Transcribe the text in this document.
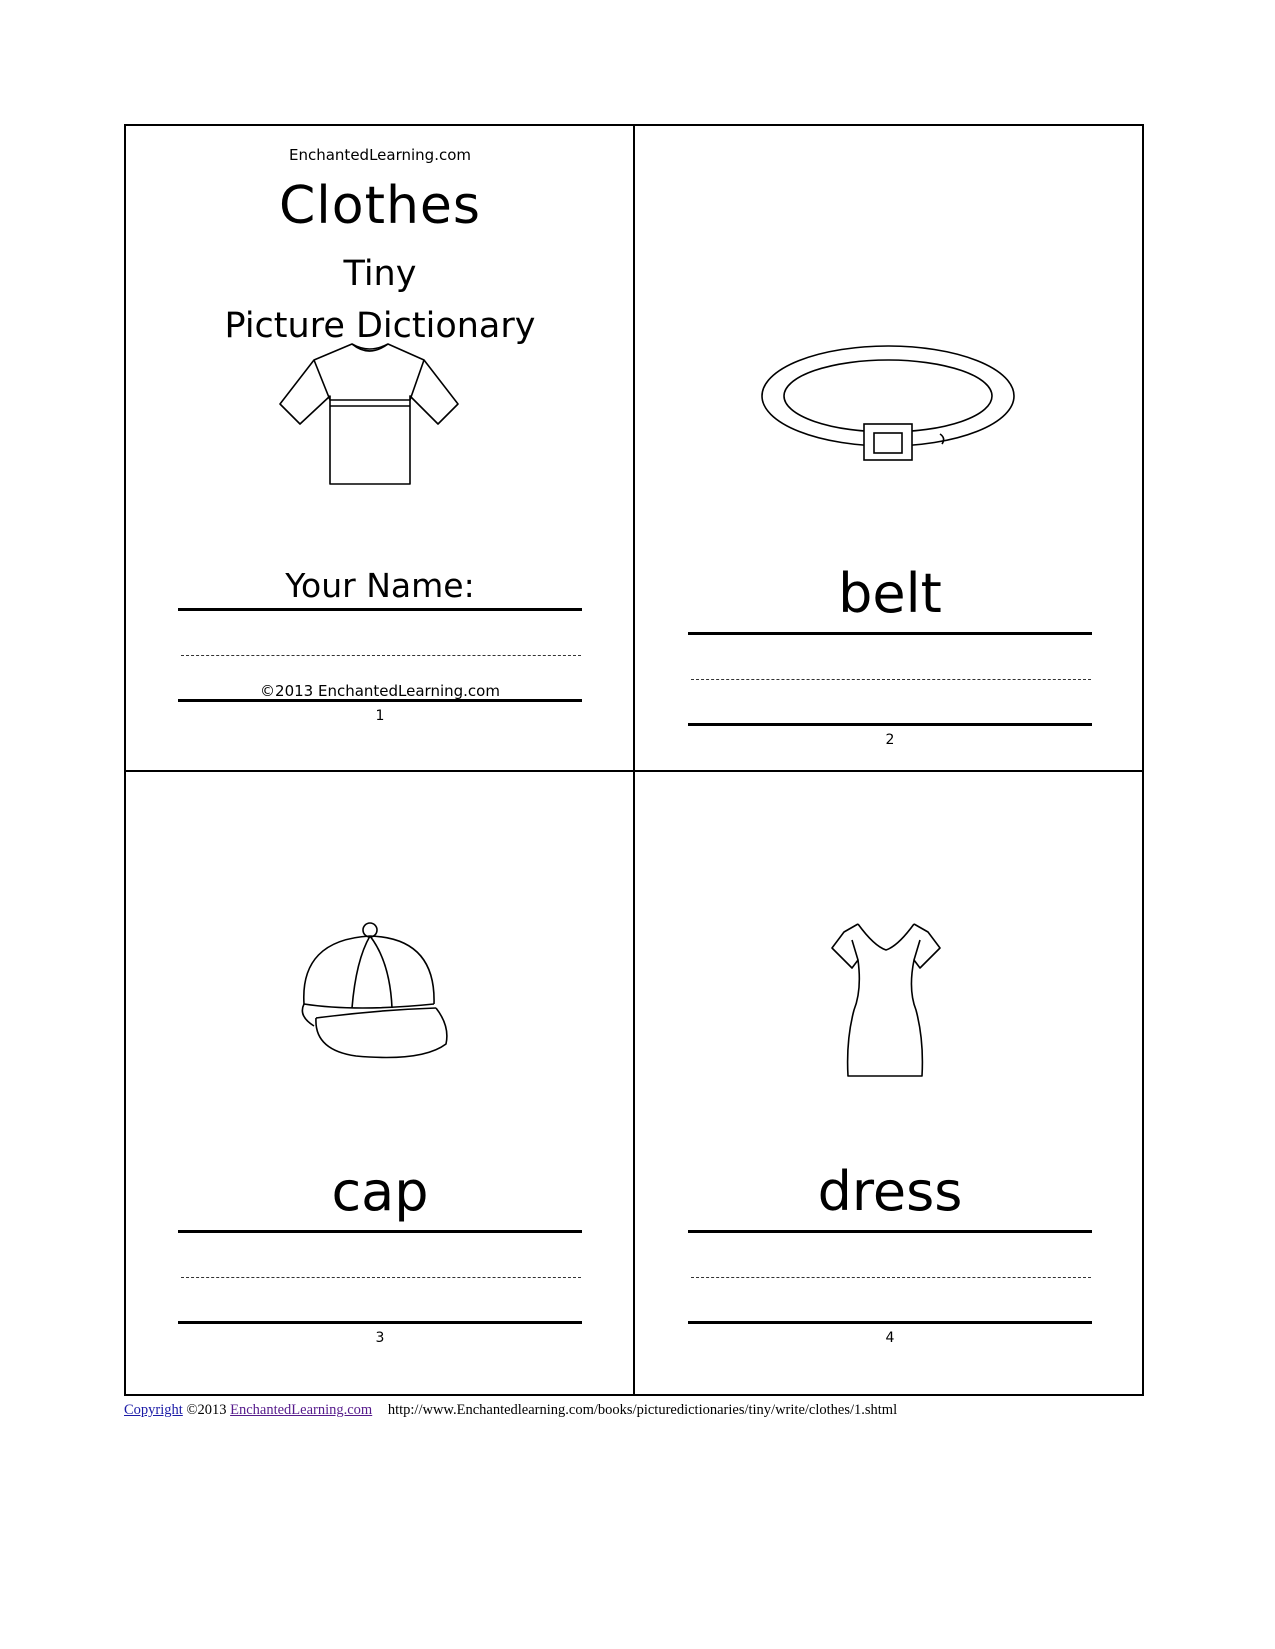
EnchantedLearning.com
Clothes
Tiny
Picture Dictionary
Your Name:
©2013 EnchantedLearning.com
1
belt
2
cap
3
dress
4
Copyright ©2013 EnchantedLearning.com http://www.Enchantedlearning.com/books/picturedictionaries/tiny/write/clothes/1.shtml
